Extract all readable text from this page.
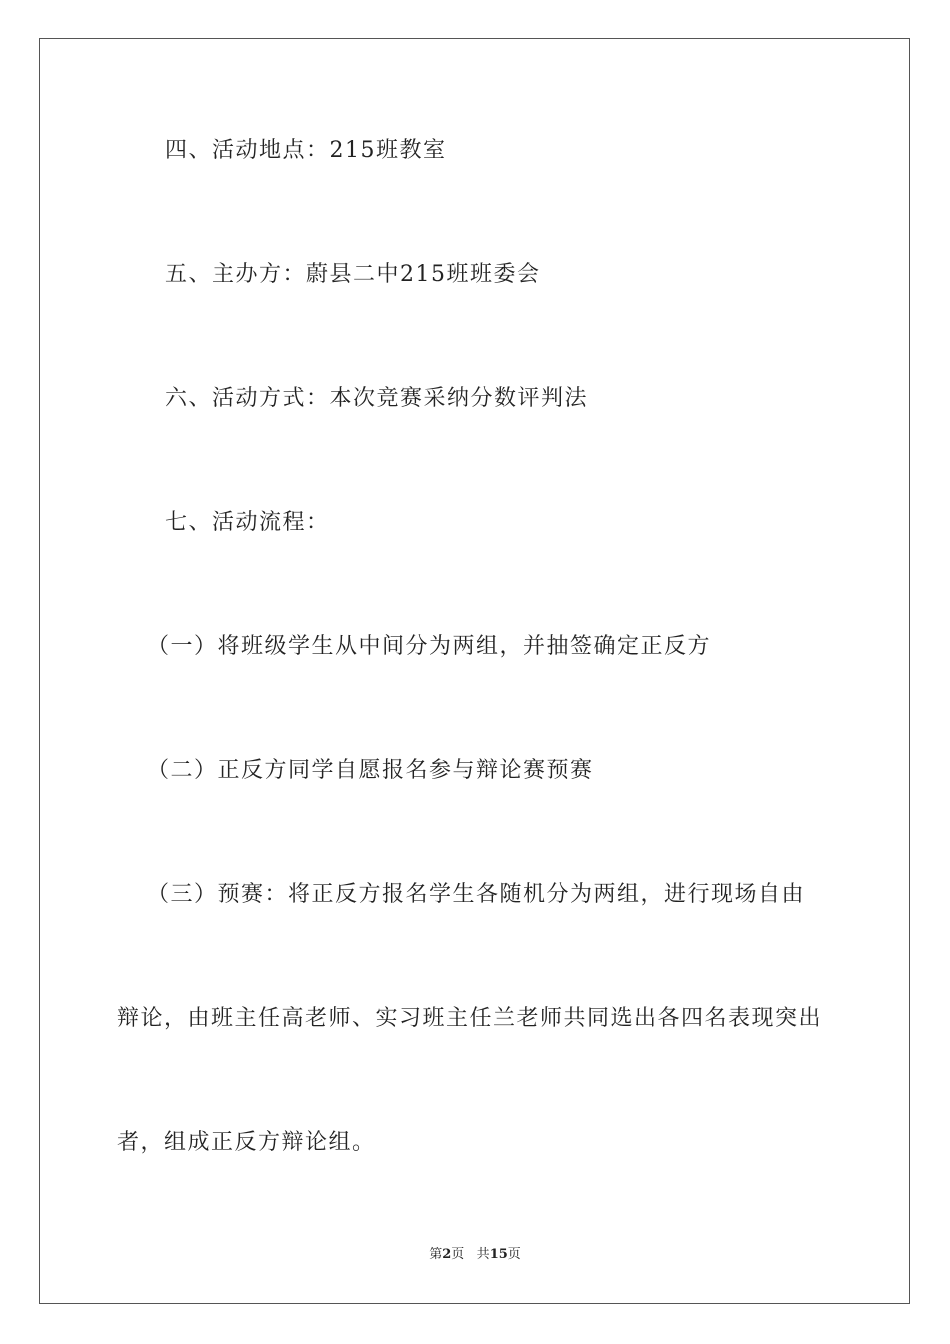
四、活动地点：215班教室
五、主办方：蔚县二中215班班委会
六、活动方式：本次竞赛采纳分数评判法
七、活动流程：
（一）将班级学生从中间分为两组，并抽签确定正反方
（二）正反方同学自愿报名参与辩论赛预赛
（三）预赛：将正反方报名学生各随机分为两组，进行现场自由
辩论，由班主任高老师、实习班主任兰老师共同选出各四名表现突出
者，组成正反方辩论组。
第2页 共15页
